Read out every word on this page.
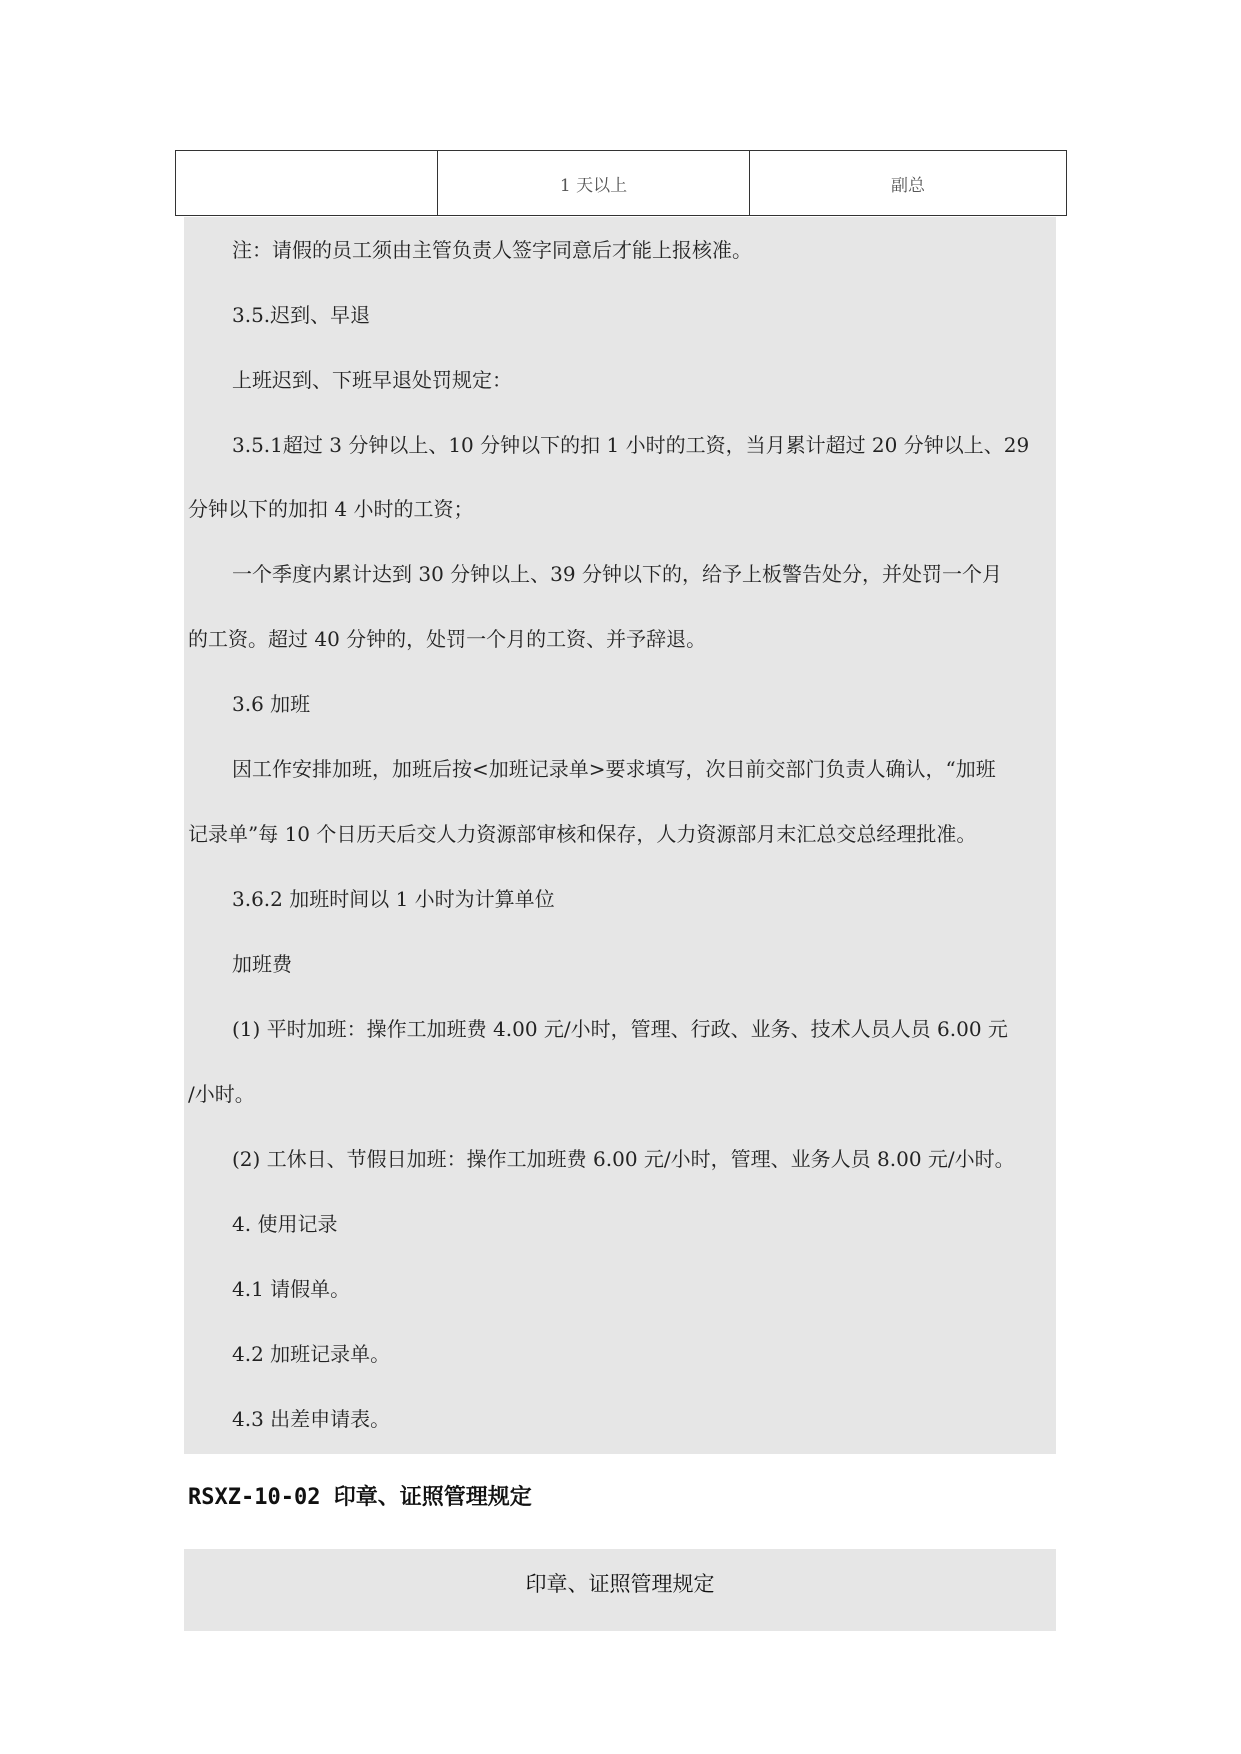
	1 天以上	副总

注：请假的员工须由主管负责人签字同意后才能上报核准。

3.5.迟到、早退

上班迟到、下班早退处罚规定：

3.5.1超过 3 分钟以上、10 分钟以下的扣 1 小时的工资，当月累计超过 20 分钟以上、29

分钟以下的加扣 4 小时的工资；

一个季度内累计达到 30 分钟以上、39 分钟以下的，给予上板警告处分，并处罚一个月

的工资。超过 40 分钟的，处罚一个月的工资、并予辞退。

3.6 加班

因工作安排加班，加班后按<加班记录单>要求填写，次日前交部门负责人确认，“加班

记录单”每 10 个日历天后交人力资源部审核和保存，人力资源部月末汇总交总经理批准。

3.6.2 加班时间以 1 小时为计算单位

加班费

(1) 平时加班：操作工加班费 4.00 元/小时，管理、行政、业务、技术人员人员 6.00 元

/小时。

(2) 工休日、节假日加班：操作工加班费 6.00 元/小时，管理、业务人员 8.00 元/小时。

4. 使用记录

4.1 请假单。

4.2 加班记录单。

4.3 出差申请表。

RSXZ-10-02 印章、证照管理规定
印章、证照管理规定
